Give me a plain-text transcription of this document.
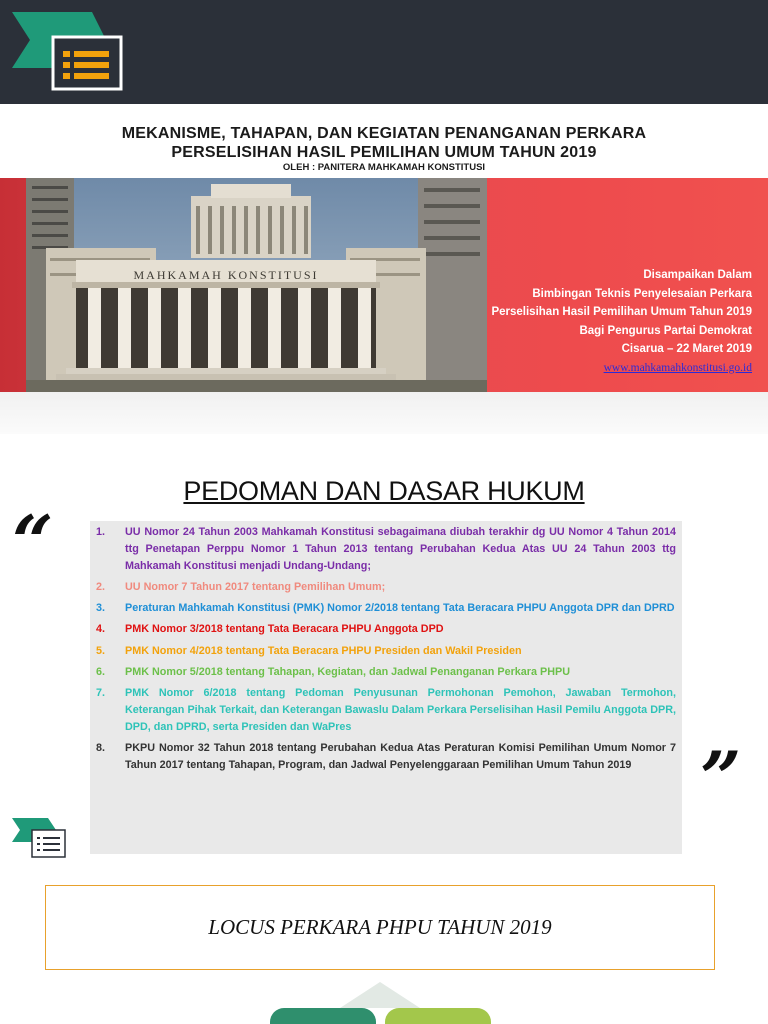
MEKANISME, TAHAPAN, DAN KEGIATAN PENANGANAN PERKARA
PERSELISIHAN HASIL PEMILIHAN UMUM TAHUN 2019
OLEH : PANITERA MAHKAMAH KONSTITUSI
MAHKAMAH KONSTITUSI	Disampaikan Dalam
Bimbingan Teknis Penyelesaian Perkara
Perselisihan Hasil Pemilihan Umum Tahun 2019
Bagi Pengurus Partai Demokrat
Cisarua – 22 Maret 2019
www.mahkamahkonstitusi.go.id
PEDOMAN DAN DASAR HUKUM
“
”
1.	UU Nomor 24 Tahun 2003 Mahkamah Konstitusi sebagaimana diubah terakhir dg UU Nomor 4 Tahun 2014 ttg Penetapan Perppu Nomor 1 Tahun 2013 tentang Perubahan Kedua Atas UU 24 Tahun 2003 ttg Mahkamah Konstitusi menjadi Undang-Undang;
2.	UU Nomor 7 Tahun 2017 tentang Pemilihan Umum;
3.	Peraturan Mahkamah Konstitusi (PMK) Nomor 2/2018 tentang Tata Beracara PHPU Anggota DPR dan DPRD
4.	PMK Nomor 3/2018 tentang Tata Beracara PHPU Anggota DPD
5.	PMK Nomor 4/2018 tentang Tata Beracara PHPU Presiden dan Wakil Presiden
6.	PMK Nomor 5/2018 tentang Tahapan, Kegiatan, dan Jadwal Penanganan Perkara PHPU
7.	PMK Nomor 6/2018 tentang Pedoman Penyusunan Permohonan Pemohon, Jawaban Termohon, Keterangan Pihak Terkait, dan Keterangan Bawaslu Dalam Perkara Perselisihan Hasil Pemilu Anggota DPR, DPD, dan DPRD, serta Presiden dan WaPres
8.	PKPU Nomor 32 Tahun 2018 tentang Perubahan Kedua Atas Peraturan Komisi Pemilihan Umum Nomor 7 Tahun 2017 tentang Tahapan, Program, dan Jadwal Penyelenggaraan Pemilihan Umum Tahun 2019
LOCUS PERKARA PHPU TAHUN 2019
